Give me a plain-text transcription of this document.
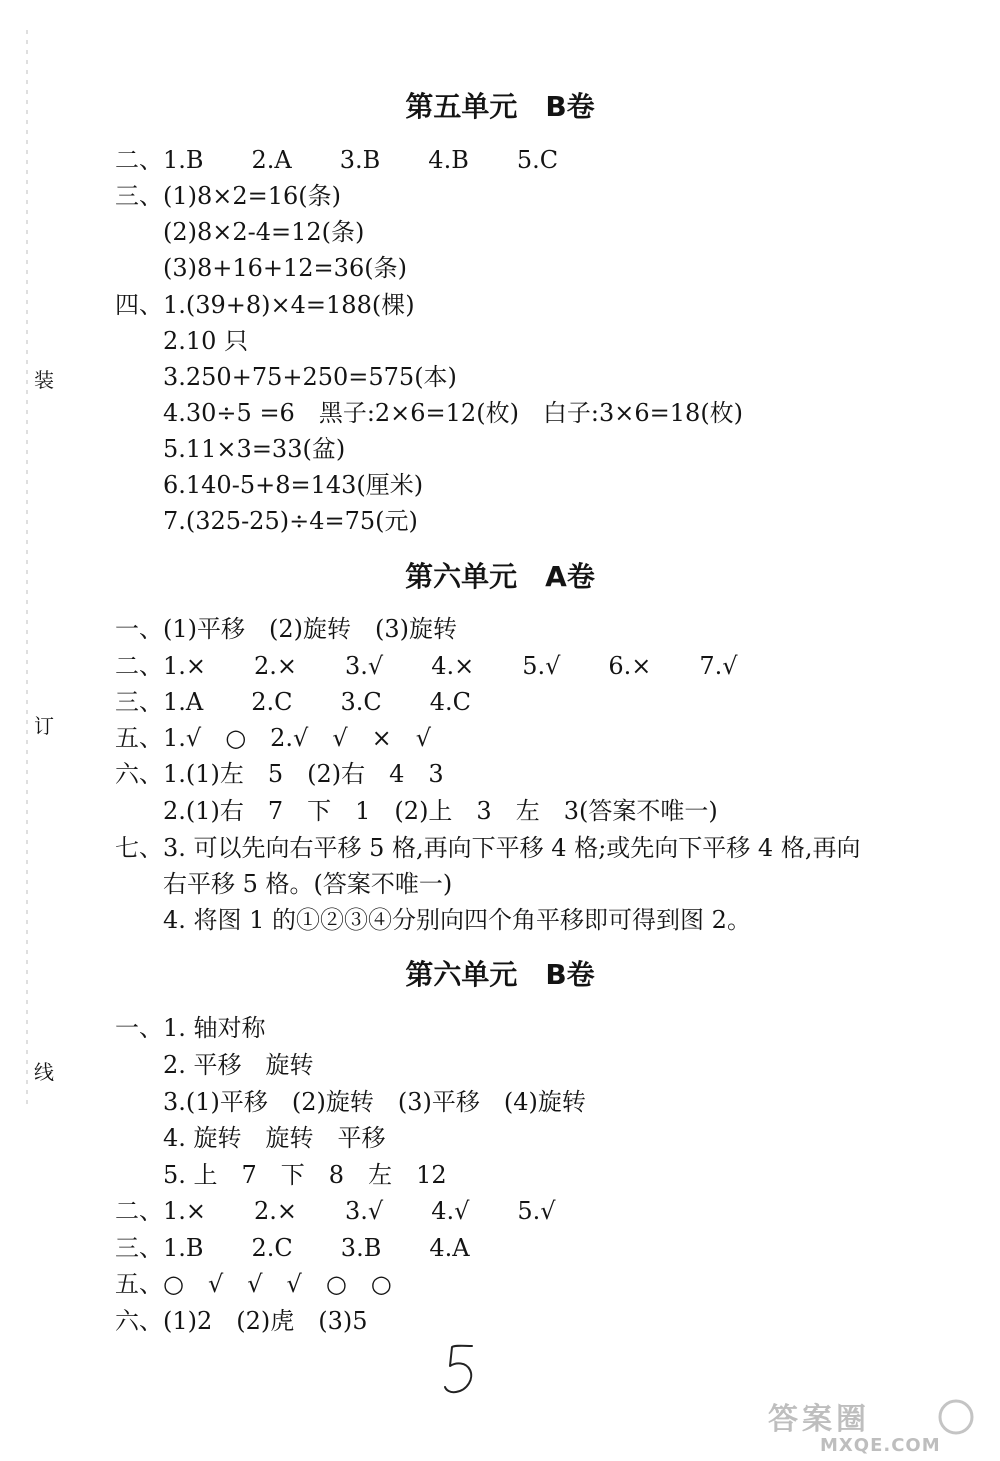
装
订
线
第五单元　B卷
二、1.B　　2.A　　3.B　　4.B　　5.C
三、(1)8×2=16(条)
　　(2)8×2-4=12(条)
　　(3)8+16+12=36(条)
四、1.(39+8)×4=188(棵)
　　2.10 只
　　3.250+75+250=575(本)
　　4.30÷5 =6　黑子:2×6=12(枚)　白子:3×6=18(枚)
　　5.11×3=33(盆)
　　6.140-5+8=143(厘米)
　　7.(325-25)÷4=75(元)
第六单元　A卷
一、(1)平移　(2)旋转　(3)旋转
二、1.×　　2.×　　3.√　　4.×　　5.√　　6.×　　7.√
三、1.A　　2.C　　3.C　　4.C
五、1.√　○　2.√　√　×　√
六、1.(1)左　5　(2)右　4　3
　　2.(1)右　7　下　1　(2)上　3　左　3(答案不唯一)
七、3. 可以先向右平移 5 格,再向下平移 4 格;或先向下平移 4 格,再向
　　右平移 5 格。(答案不唯一)
　　4. 将图 1 的①②③④分别向四个角平移即可得到图 2。
第六单元　B卷
一、1. 轴对称
　　2. 平移　旋转
　　3.(1)平移　(2)旋转　(3)平移　(4)旋转
　　4. 旋转　旋转　平移
　　5. 上　7　下　8　左　12
二、1.×　　2.×　　3.√　　4.√　　5.√
三、1.B　　2.C　　3.B　　4.A
五、○　√　√　√　○　○
六、(1)2　(2)虎　(3)5
答案圈
MXQE.COM
